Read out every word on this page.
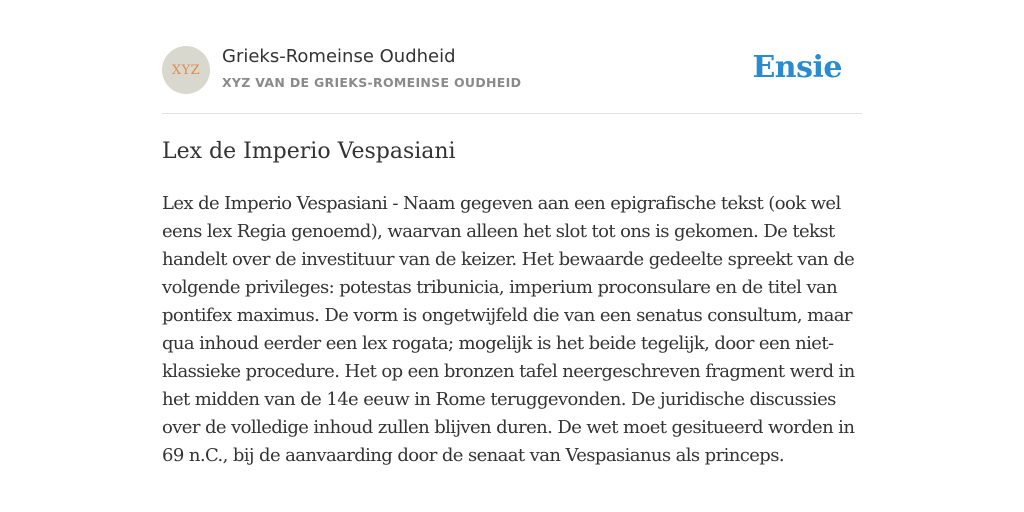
XYZ
Grieks-Romeinse Oudheid
XYZ VAN DE GRIEKS-ROMEINSE OUDHEID	Ensie
Lex de Imperio Vespasiani

Lex de Imperio Vespasiani - Naam gegeven aan een epigrafische tekst (ook wel eens lex Regia genoemd), waarvan alleen het slot tot ons is gekomen. De tekst handelt over de investituur van de keizer. Het bewaarde gedeelte spreekt van de volgende privileges: potestas tribunicia, imperium proconsulare en de titel van pontifex maximus. De vorm is ongetwijfeld die van een senatus consultum, maar qua inhoud eerder een lex rogata; mogelijk is het beide tegelijk, door een niet-klassieke procedure. Het op een bronzen tafel neergeschreven fragment werd in het midden van de 14e eeuw in Rome teruggevonden. De juridische discussies over de volledige inhoud zullen blijven duren. De wet moet gesitueerd worden in 69 n.C., bij de aanvaarding door de senaat van Vespasianus als princeps.
